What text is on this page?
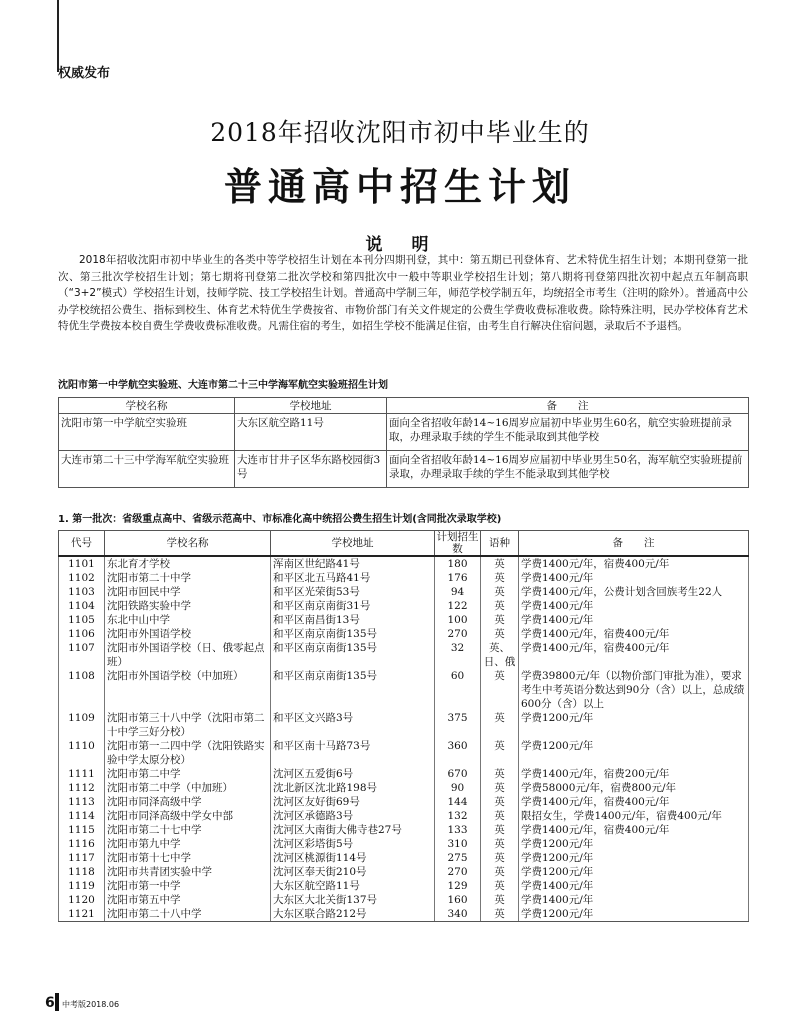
权威发布
2018年招收沈阳市初中毕业生的
普通高中招生计划
说　明
2018年招收沈阳市初中毕业生的各类中等学校招生计划在本刊分四期刊登，其中：第五期已刊登体育、艺术特优生招生计划；本期刊登第一批次、第三批次学校招生计划；第七期将刊登第二批次学校和第四批次中一般中等职业学校招生计划；第八期将刊登第四批次初中起点五年制高职（“3+2”模式）学校招生计划，技师学院、技工学校招生计划。普通高中学制三年，师范学校学制五年，均统招全市考生（注明的除外）。普通高中公办学校统招公费生、指标到校生、体育艺术特优生学费按省、市物价部门有关文件规定的公费生学费收费标准收费。除特殊注明，民办学校体育艺术特优生学费按本校自费生学费收费标准收费。凡需住宿的考生，如招生学校不能满足住宿，由考生自行解决住宿问题，录取后不予退档。
沈阳市第一中学航空实验班、大连市第二十三中学海军航空实验班招生计划
学校名称	学校地址	备　　注
沈阳市第一中学航空实验班	大东区航空路11号	面向全省招收年龄14~16周岁应届初中毕业男生60名，航空实验班提前录取，办理录取手续的学生不能录取到其他学校
大连市第二十三中学海军航空实验班	大连市甘井子区华东路校园街3号	面向全省招收年龄14~16周岁应届初中毕业男生50名，海军航空实验班提前录取，办理录取手续的学生不能录取到其他学校
1. 第一批次：省级重点高中、省级示范高中、市标准化高中统招公费生招生计划(含同批次录取学校)
代号	学校名称	学校地址	计划招生数	语种	备　　注
1101	东北育才学校	浑南区世纪路41号	180	英	学费1400元/年，宿费400元/年
1102	沈阳市第二十中学	和平区北五马路41号	176	英	学费1400元/年
1103	沈阳市回民中学	和平区光荣街53号	94	英	学费1400元/年，公费计划含回族考生22人
1104	沈阳铁路实验中学	和平区南京南街31号	122	英	学费1400元/年
1105	东北中山中学	和平区南昌街13号	100	英	学费1400元/年
1106	沈阳市外国语学校	和平区南京南街135号	270	英	学费1400元/年，宿费400元/年
1107	沈阳市外国语学校（日、俄零起点班）	和平区南京南街135号	32	英、日、俄	学费1400元/年，宿费400元/年
1108	沈阳市外国语学校（中加班）	和平区南京南街135号	60	英	学费39800元/年（以物价部门审批为准），要求考生中考英语分数达到90分（含）以上，总成绩600分（含）以上
1109	沈阳市第三十八中学（沈阳市第二十中学三好分校）	和平区文兴路3号	375	英	学费1200元/年
1110	沈阳市第一二四中学（沈阳铁路实验中学太原分校）	和平区南十马路73号	360	英	学费1200元/年
1111	沈阳市第二中学	沈河区五爱街6号	670	英	学费1400元/年，宿费200元/年
1112	沈阳市第二中学（中加班）	沈北新区沈北路198号	90	英	学费58000元/年，宿费800元/年
1113	沈阳市同泽高级中学	沈河区友好街69号	144	英	学费1400元/年，宿费400元/年
1114	沈阳市同泽高级中学女中部	沈河区承德路3号	132	英	限招女生，学费1400元/年，宿费400元/年
1115	沈阳市第二十七中学	沈河区大南街大佛寺巷27号	133	英	学费1400元/年，宿费400元/年
1116	沈阳市第九中学	沈河区彩塔街5号	310	英	学费1200元/年
1117	沈阳市第十七中学	沈河区桃源街114号	275	英	学费1200元/年
1118	沈阳市共青团实验中学	沈河区奉天街210号	270	英	学费1200元/年
1119	沈阳市第一中学	大东区航空路11号	129	英	学费1400元/年
1120	沈阳市第五中学	大东区大北关街137号	160	英	学费1400元/年
1121	沈阳市第二十八中学	大东区联合路212号	340	英	学费1200元/年
6 中考版2018.06
